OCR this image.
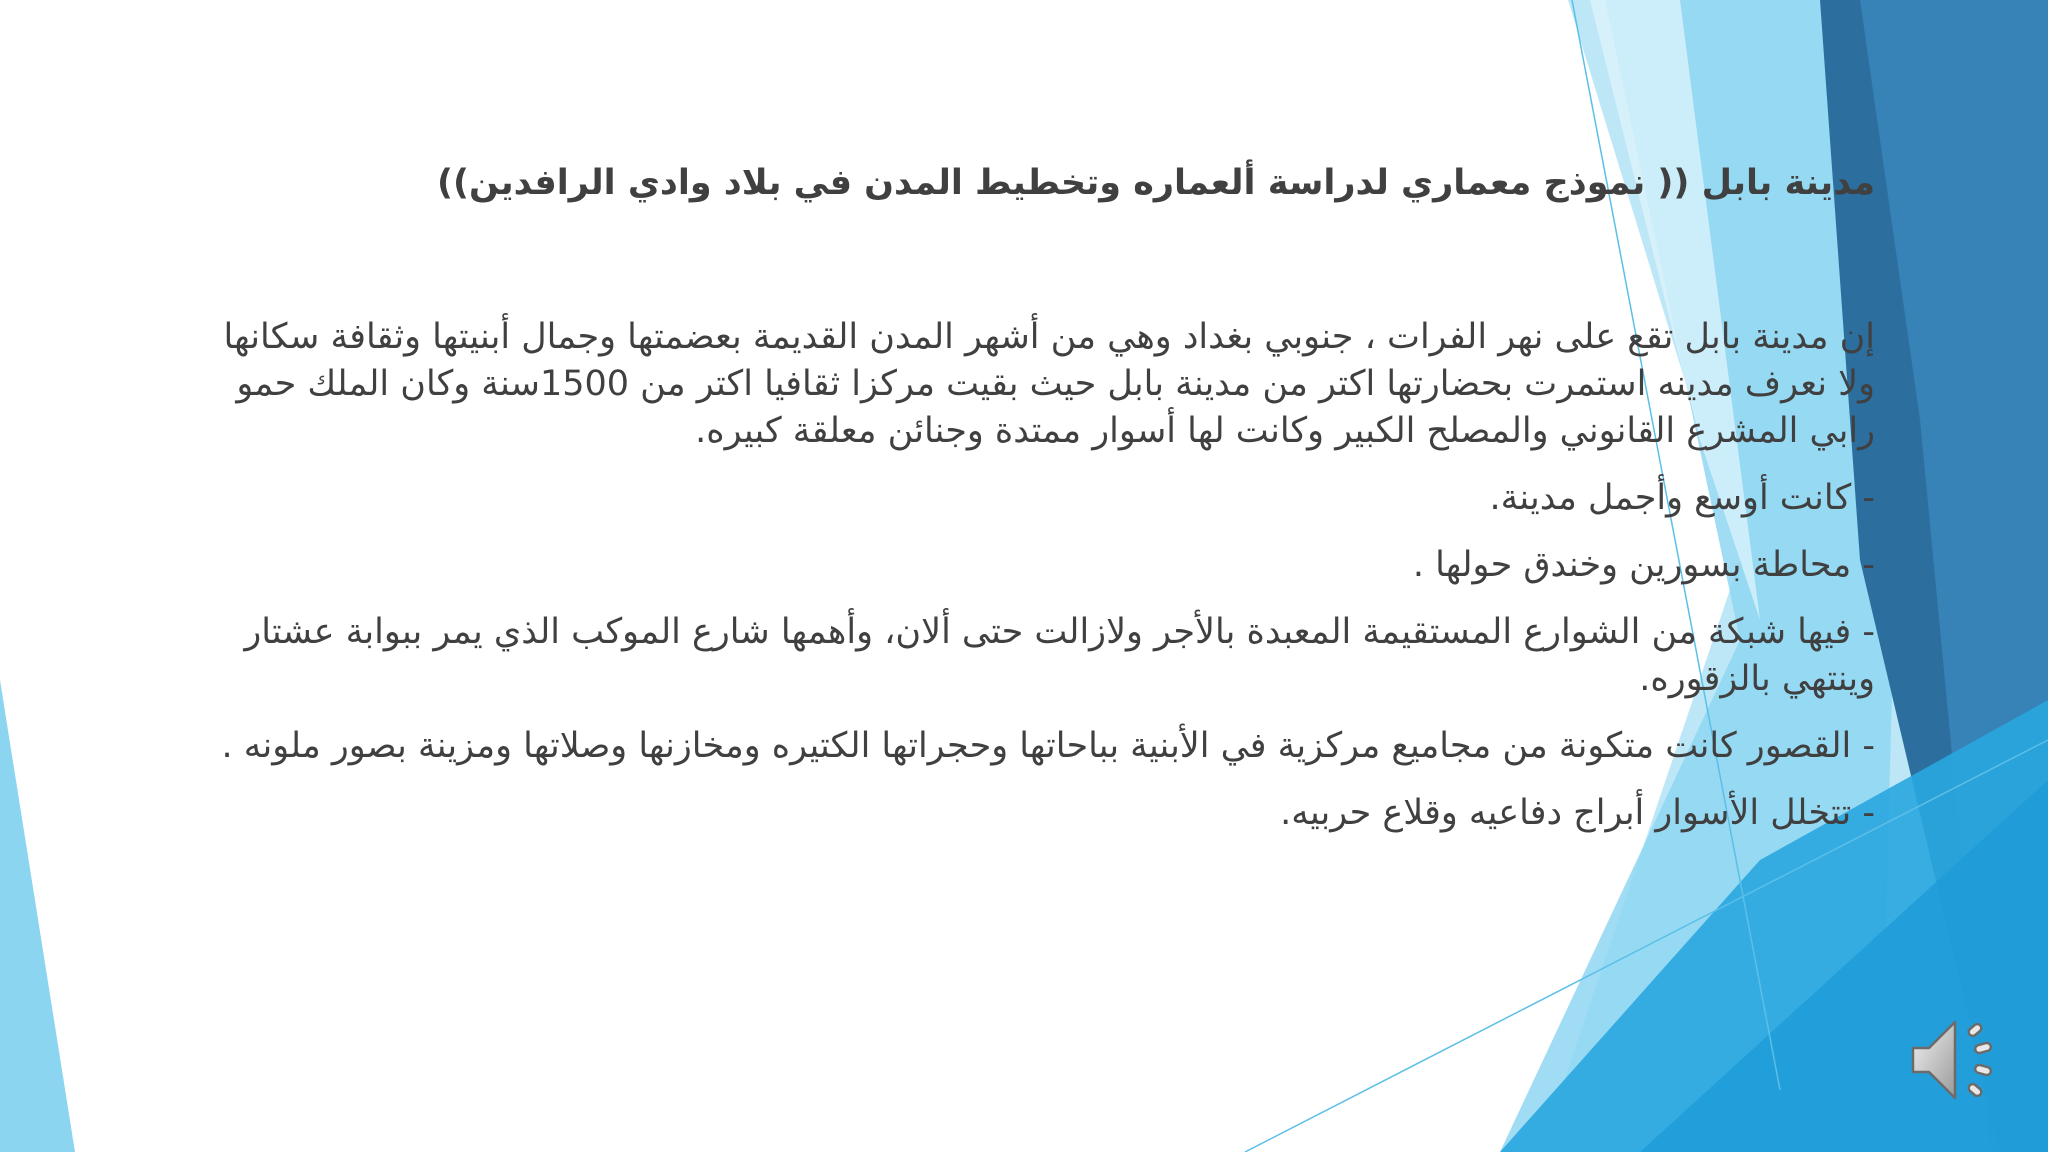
مدينة بابل (( نموذج معماري لدراسة ألعماره وتخطيط المدن في بلاد وادي الرافدين))

إن مدينة بابل تقع على نهر الفرات ، جنوبي بغداد وهي من أشهر المدن القديمة بعضمتها وجمال أبنيتها وثقافة سكانها ولا نعرف مدينه استمرت بحضارتها اكتر من مدينة بابل حيث بقيت مركزا ثقافيا اكتر من 1500سنة وكان الملك حمو رابي المشرع القانوني والمصلح الكبير وكانت لها أسوار ممتدة وجنائن معلقة كبيره.

- كانت أوسع وأجمل مدينة.

- محاطة بسورين وخندق حولها .

- فيها شبكة من الشوارع المستقيمة المعبدة بالأجر ولازالت حتى ألان، وأهمها شارع الموكب الذي يمر ببوابة عشتار وينتهي بالزقوره.

- القصور كانت متكونة من مجاميع مركزية في الأبنية بباحاتها وحجراتها الكتيره ومخازنها وصلاتها ومزينة بصور ملونه .

- تتخلل الأسوار أبراج دفاعيه وقلاع حربيه.
